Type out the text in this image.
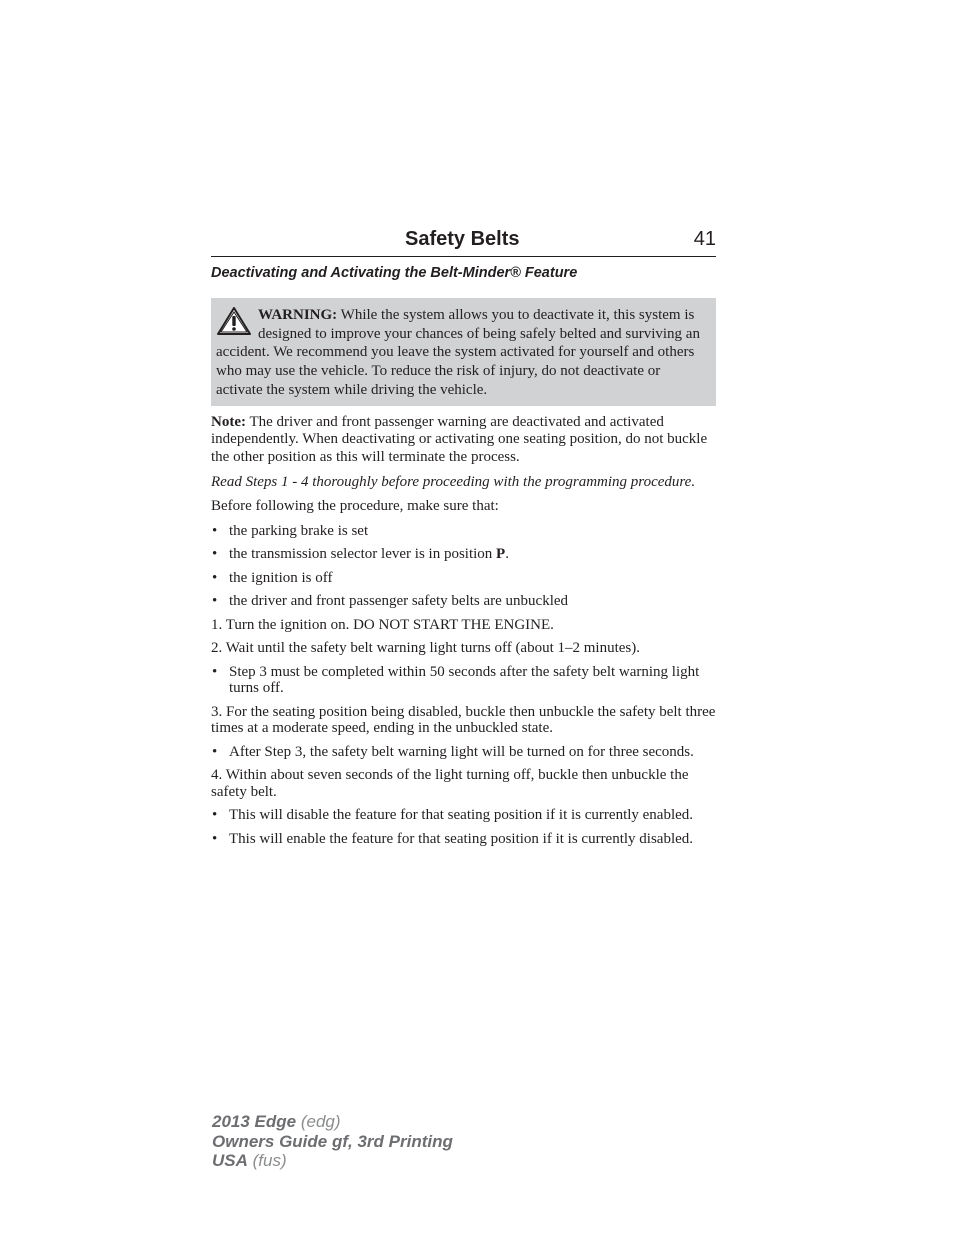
Safety Belts	41
Deactivating and Activating the Belt-Minder® Feature
WARNING: While the system allows you to deactivate it, this system is designed to improve your chances of being safely belted and surviving an accident. We recommend you leave the system activated for yourself and others who may use the vehicle. To reduce the risk of injury, do not deactivate or activate the system while driving the vehicle.

Note: The driver and front passenger warning are deactivated and activated independently. When deactivating or activating one seating position, do not buckle the other position as this will terminate the process.

Read Steps 1 - 4 thoroughly before proceeding with the programming procedure.

Before following the procedure, make sure that:

• the parking brake is set
• the transmission selector lever is in position P.
• the ignition is off
• the driver and front passenger safety belts are unbuckled

1. Turn the ignition on. DO NOT START THE ENGINE.

2. Wait until the safety belt warning light turns off (about 1–2 minutes).

• Step 3 must be completed within 50 seconds after the safety belt warning light turns off.

3. For the seating position being disabled, buckle then unbuckle the safety belt three times at a moderate speed, ending in the unbuckled state.

• After Step 3, the safety belt warning light will be turned on for three seconds.

4. Within about seven seconds of the light turning off, buckle then unbuckle the safety belt.

• This will disable the feature for that seating position if it is currently enabled.
• This will enable the feature for that seating position if it is currently disabled.
2013 Edge (edg)
Owners Guide gf, 3rd Printing
USA (fus)
